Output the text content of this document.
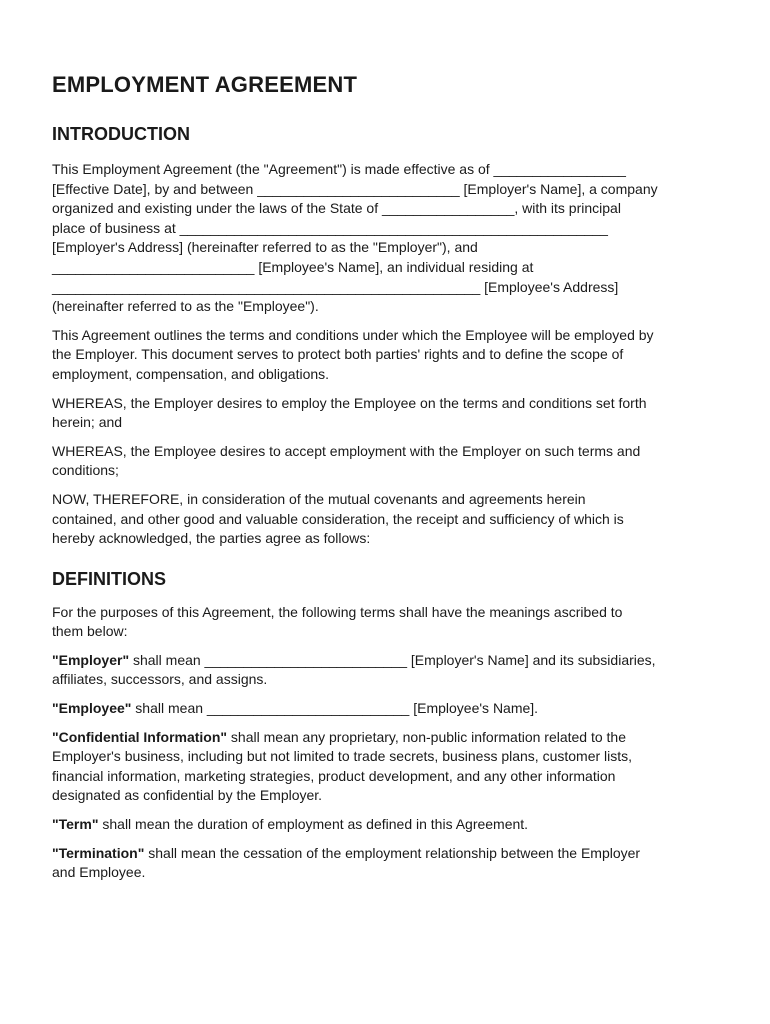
EMPLOYMENT AGREEMENT
INTRODUCTION

This Employment Agreement (the "Agreement") is made effective as of _________________
[Effective Date], by and between __________________________ [Employer's Name], a company
organized and existing under the laws of the State of _________________, with its principal
place of business at _______________________________________________________
[Employer's Address] (hereinafter referred to as the "Employer"), and
__________________________ [Employee's Name], an individual residing at
_______________________________________________________ [Employee's Address]
(hereinafter referred to as the "Employee").

This Agreement outlines the terms and conditions under which the Employee will be employed by
the Employer. This document serves to protect both parties' rights and to define the scope of
employment, compensation, and obligations.

WHEREAS, the Employer desires to employ the Employee on the terms and conditions set forth
herein; and

WHEREAS, the Employee desires to accept employment with the Employer on such terms and
conditions;

NOW, THEREFORE, in consideration of the mutual covenants and agreements herein
contained, and other good and valuable consideration, the receipt and sufficiency of which is
hereby acknowledged, the parties agree as follows:

DEFINITIONS

For the purposes of this Agreement, the following terms shall have the meanings ascribed to
them below:

"Employer" shall mean __________________________ [Employer's Name] and its subsidiaries,
affiliates, successors, and assigns.

"Employee" shall mean __________________________ [Employee's Name].

"Confidential Information" shall mean any proprietary, non-public information related to the
Employer's business, including but not limited to trade secrets, business plans, customer lists,
financial information, marketing strategies, product development, and any other information
designated as confidential by the Employer.

"Term" shall mean the duration of employment as defined in this Agreement.

"Termination" shall mean the cessation of the employment relationship between the Employer
and Employee.
